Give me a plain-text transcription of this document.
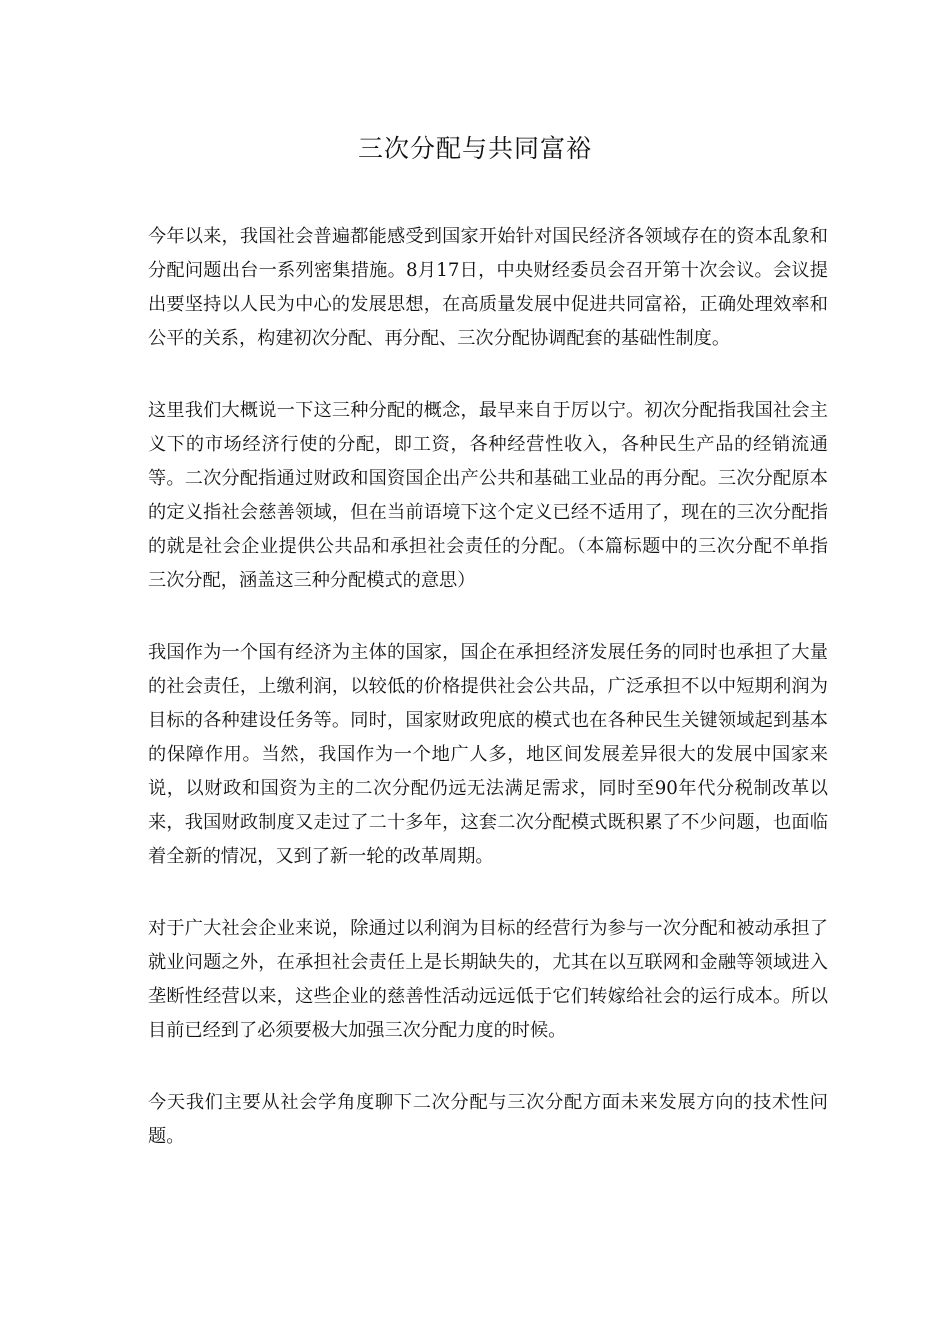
三次分配与共同富裕

今年以来，我国社会普遍都能感受到国家开始针对国民经济各领域存在的资本乱象和分配问题出台一系列密集措施。8月17日，中央财经委员会召开第十次会议。会议提出要坚持以人民为中心的发展思想，在高质量发展中促进共同富裕，正确处理效率和公平的关系，构建初次分配、再分配、三次分配协调配套的基础性制度。

这里我们大概说一下这三种分配的概念，最早来自于厉以宁。初次分配指我国社会主义下的市场经济行使的分配，即工资，各种经营性收入，各种民生产品的经销流通等。二次分配指通过财政和国资国企出产公共和基础工业品的再分配。三次分配原本的定义指社会慈善领域，但在当前语境下这个定义已经不适用了，现在的三次分配指的就是社会企业提供公共品和承担社会责任的分配。（本篇标题中的三次分配不单指三次分配，涵盖这三种分配模式的意思）

我国作为一个国有经济为主体的国家，国企在承担经济发展任务的同时也承担了大量的社会责任，上缴利润，以较低的价格提供社会公共品，广泛承担不以中短期利润为目标的各种建设任务等。同时，国家财政兜底的模式也在各种民生关键领域起到基本的保障作用。当然，我国作为一个地广人多，地区间发展差异很大的发展中国家来说，以财政和国资为主的二次分配仍远无法满足需求，同时至90年代分税制改革以来，我国财政制度又走过了二十多年，这套二次分配模式既积累了不少问题，也面临着全新的情况，又到了新一轮的改革周期。

对于广大社会企业来说，除通过以利润为目标的经营行为参与一次分配和被动承担了就业问题之外，在承担社会责任上是长期缺失的，尤其在以互联网和金融等领域进入垄断性经营以来，这些企业的慈善性活动远远低于它们转嫁给社会的运行成本。所以目前已经到了必须要极大加强三次分配力度的时候。

今天我们主要从社会学角度聊下二次分配与三次分配方面未来发展方向的技术性问题。
